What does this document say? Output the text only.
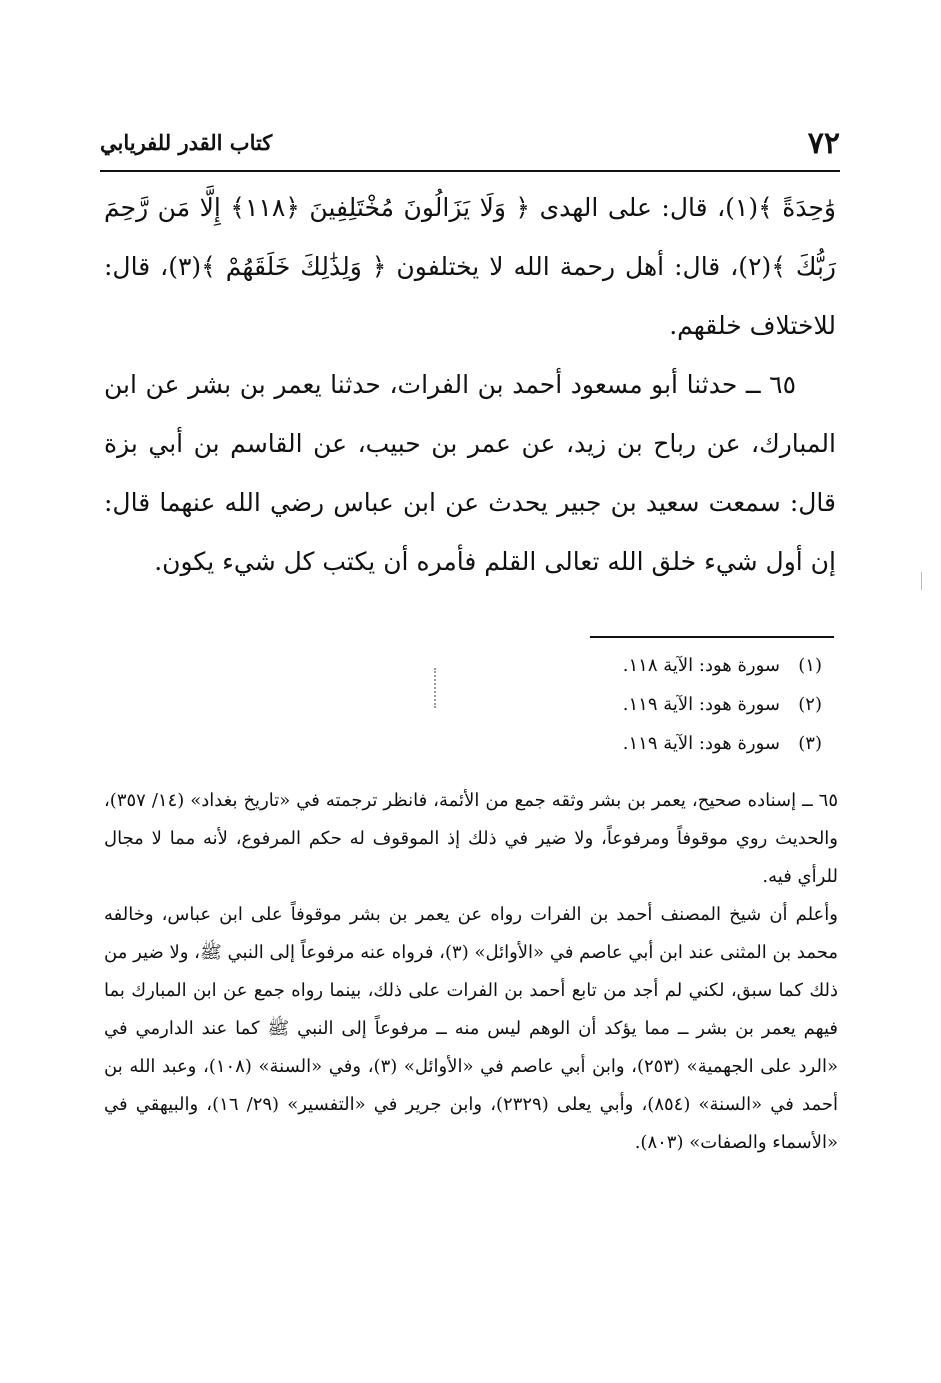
٧٢
كتاب القدر للفريابي

وَٰحِدَةً ﴾(١)، قال: على الهدى ﴿ وَلَا يَزَالُونَ مُخْتَلِفِينَ ﴿١١٨﴾ إِلَّا مَن رَّحِمَ رَبُّكَ ﴾(٢)، قال: أهل رحمة الله لا يختلفون ﴿ وَلِذَٰلِكَ خَلَقَهُمْ ﴾(٣)، قال: للاختلاف خلقهم.

٦٥ ــ حدثنا أبو مسعود أحمد بن الفرات، حدثنا يعمر بن بشر عن ابن المبارك، عن رباح بن زيد، عن عمر بن حبيب، عن القاسم بن أبي بزة قال: سمعت سعيد بن جبير يحدث عن ابن عباس رضي الله عنهما قال: إن أول شيء خلق الله تعالى القلم فأمره أن يكتب كل شيء يكون.

(١)سورة هود: الآية ١١٨.

(٢)سورة هود: الآية ١١٩.

(٣)سورة هود: الآية ١١٩.

٦٥ ــ إسناده صحيح، يعمر بن بشر وثقه جمع من الأئمة، فانظر ترجمته في «تاريخ بغداد» (١٤/ ٣٥٧)، والحديث روي موقوفاً ومرفوعاً، ولا ضير في ذلك إذ الموقوف له حكم المرفوع، لأنه مما لا مجال للرأي فيه.

وأعلم أن شيخ المصنف أحمد بن الفرات رواه عن يعمر بن بشر موقوفاً على ابن عباس، وخالفه محمد بن المثنى عند ابن أبي عاصم في «الأوائل» (٣)، فرواه عنه مرفوعاً إلى النبي ﷺ، ولا ضير من ذلك كما سبق، لكني لم أجد من تابع أحمد بن الفرات على ذلك، بينما رواه جمع عن ابن المبارك بما فيهم يعمر بن بشر ــ مما يؤكد أن الوهم ليس منه ــ مرفوعاً إلى النبي ﷺ كما عند الدارمي في «الرد على الجهمية» (٢٥٣)، وابن أبي عاصم في «الأوائل» (٣)، وفي «السنة» (١٠٨)، وعبد الله بن أحمد في «السنة» (٨٥٤)، وأبي يعلى (٢٣٢٩)، وابن جرير في «التفسير» (٢٩/ ١٦)، والبيهقي في «الأسماء والصفات» (٨٠٣).
